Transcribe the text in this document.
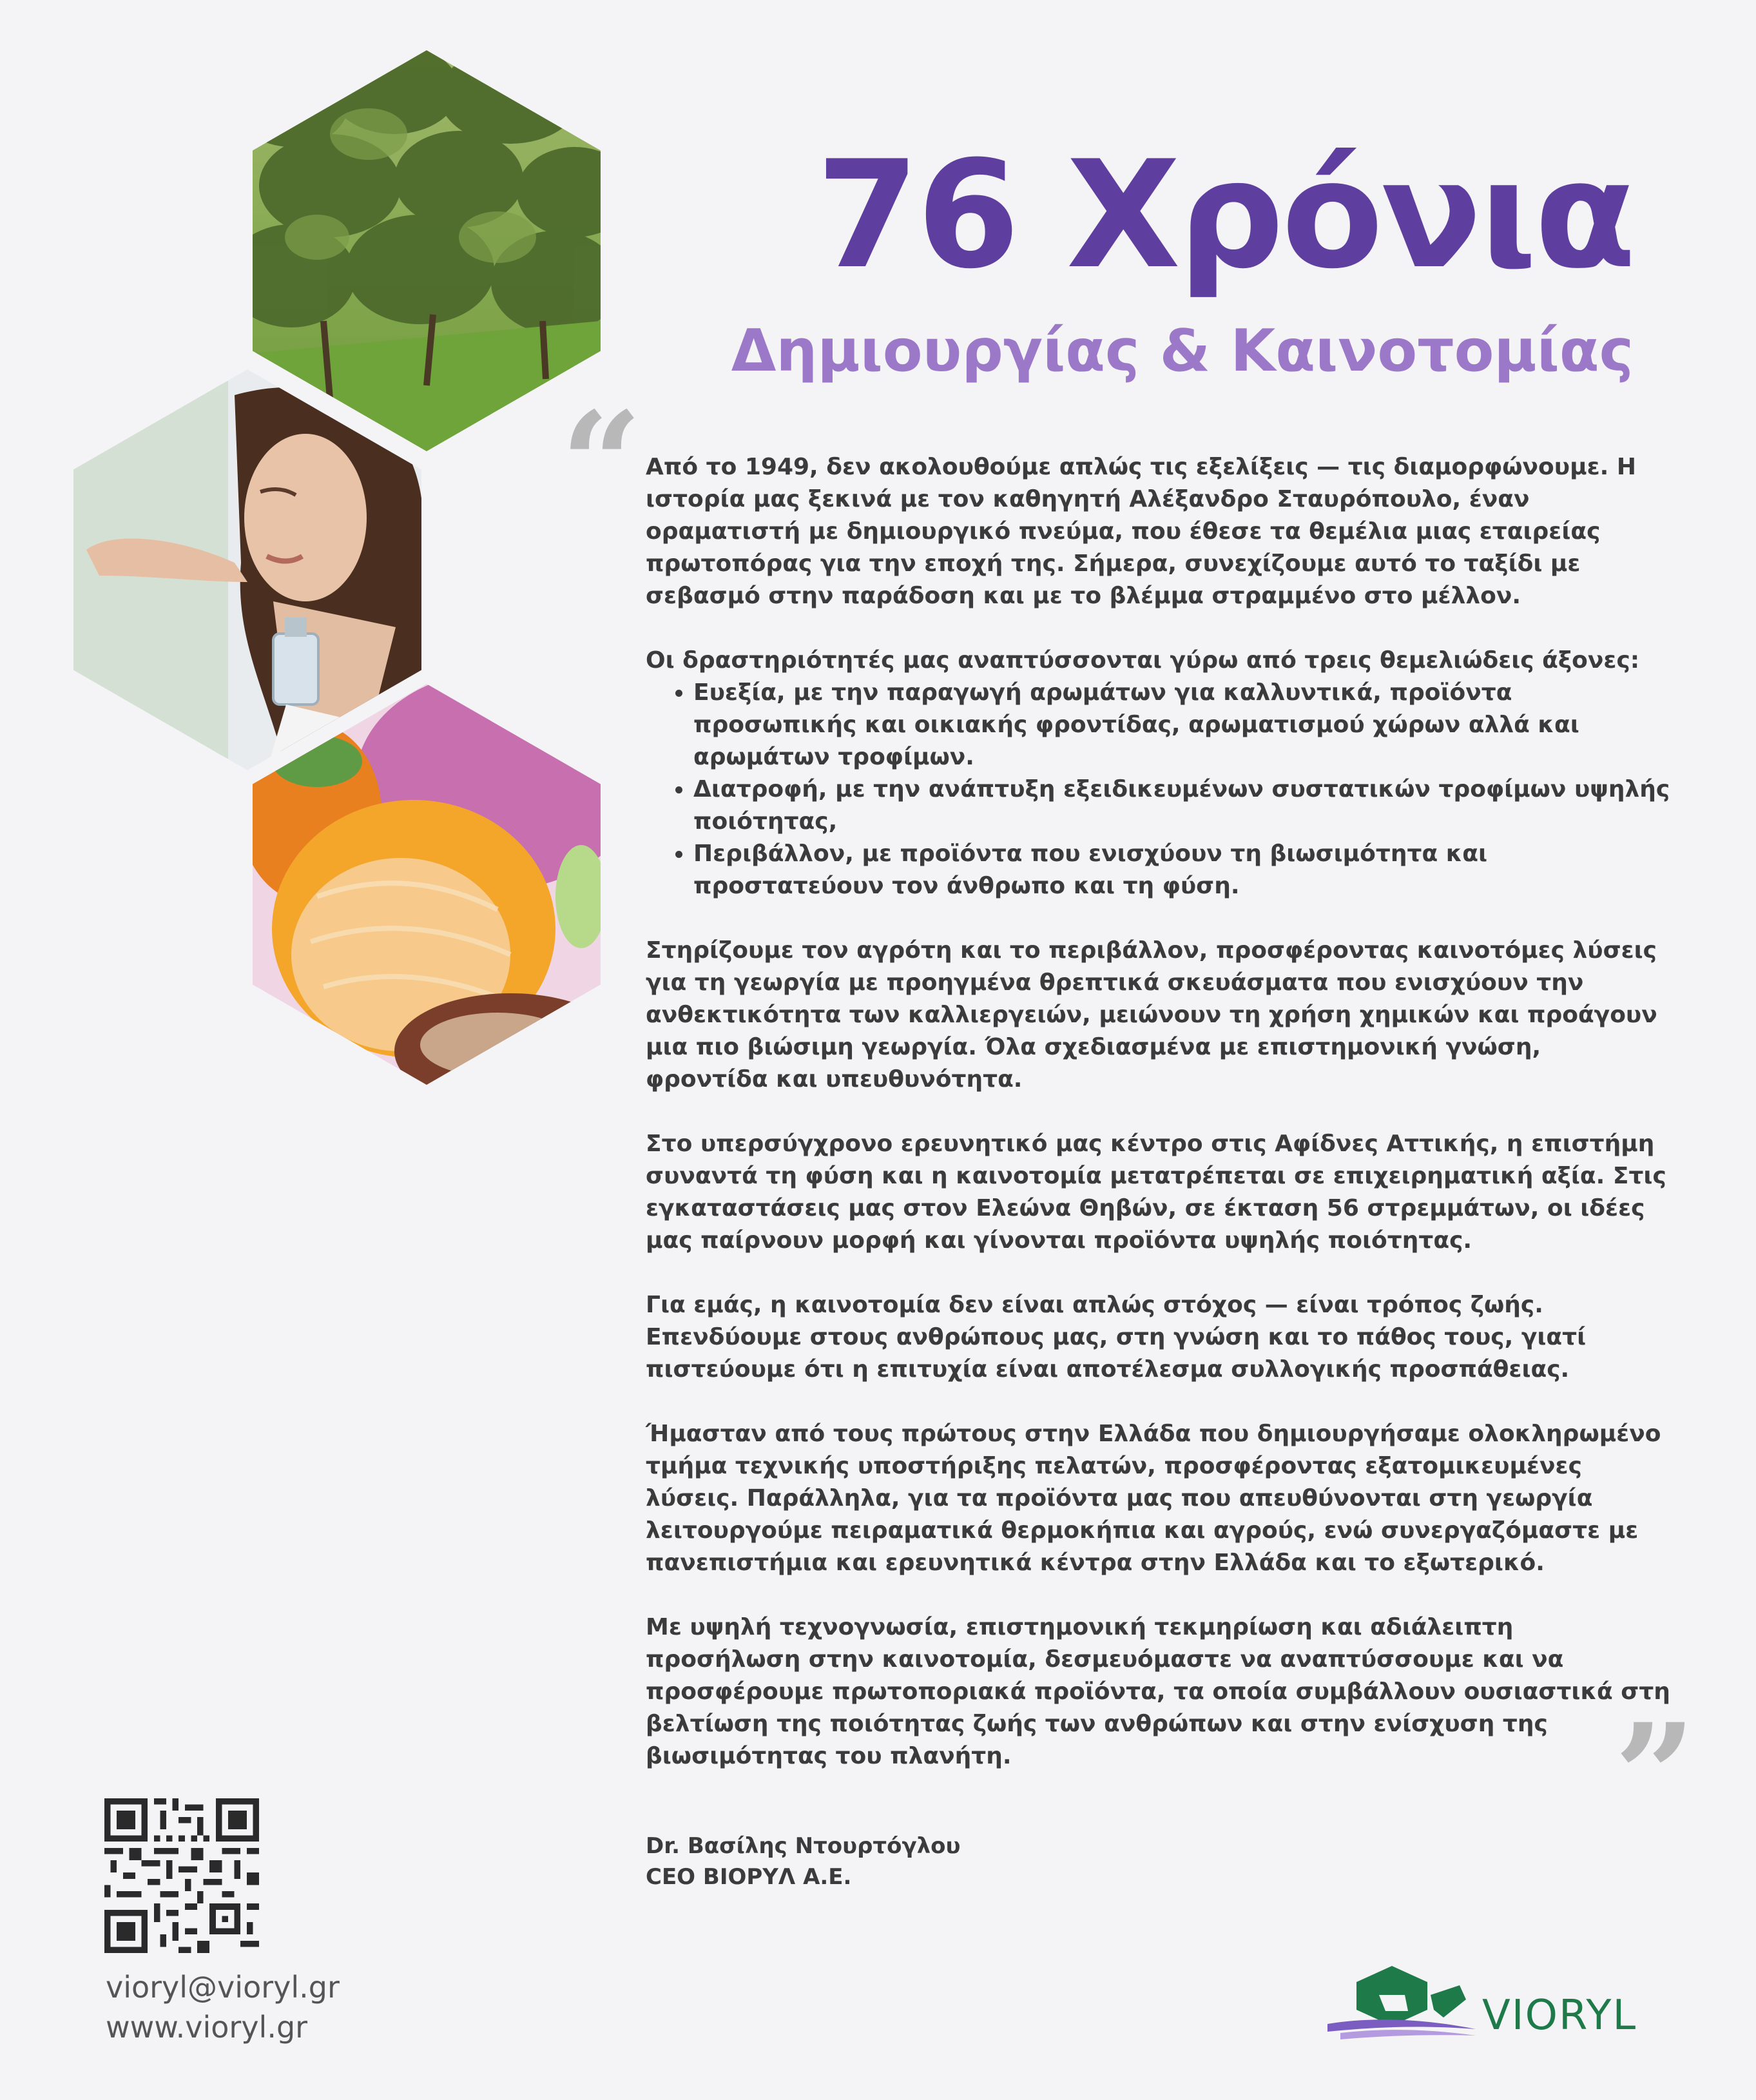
76 Χρόνια
Δημιουργίας & Καινοτομίας
“
”

Από το 1949, δεν ακολουθούμε απλώς τις εξελίξεις — τις διαμορφώνουμε. Η ιστορία μας ξεκινά με τον καθηγητή Αλέξανδρο Σταυρόπουλο, έναν οραματιστή με δημιουργικό πνεύμα, που έθεσε τα θεμέλια μιας εταιρείας πρωτοπόρας για την εποχή της. Σήμερα, συνεχίζουμε αυτό το ταξίδι με σεβασμό στην παράδοση και με το βλέμμα στραμμένο στο μέλλον.

Οι δραστηριότητές μας αναπτύσσονται γύρω από τρεις θεμελιώδεις άξονες:
• Ευεξία, με την παραγωγή αρωμάτων για καλλυντικά, προϊόντα προσωπικής και οικιακής φροντίδας, αρωματισμού χώρων αλλά και αρωμάτων τροφίμων.
• Διατροφή, με την ανάπτυξη εξειδικευμένων συστατικών τροφίμων υψηλής ποιότητας,
• Περιβάλλον, με προϊόντα που ενισχύουν τη βιωσιμότητα και προστατεύουν τον άνθρωπο και τη φύση.

Στηρίζουμε τον αγρότη και το περιβάλλον, προσφέροντας καινοτόμες λύσεις για τη γεωργία με προηγμένα θρεπτικά σκευάσματα που ενισχύουν την ανθεκτικότητα των καλλιεργειών, μειώνουν τη χρήση χημικών και προάγουν μια πιο βιώσιμη γεωργία. Όλα σχεδιασμένα με επιστημονική γνώση, φροντίδα και υπευθυνότητα.

Στο υπερσύγχρονο ερευνητικό μας κέντρο στις Αφίδνες Αττικής, η επιστήμη συναντά τη φύση και η καινοτομία μετατρέπεται σε επιχειρηματική αξία. Στις εγκαταστάσεις μας στον Ελεώνα Θηβών, σε έκταση 56 στρεμμάτων, οι ιδέες μας παίρνουν μορφή και γίνονται προϊόντα υψηλής ποιότητας.

Για εμάς, η καινοτομία δεν είναι απλώς στόχος — είναι τρόπος ζωής. Επενδύουμε στους ανθρώπους μας, στη γνώση και το πάθος τους, γιατί πιστεύουμε ότι η επιτυχία είναι αποτέλεσμα συλλογικής προσπάθειας.

Ήμασταν από τους πρώτους στην Ελλάδα που δημιουργήσαμε ολοκληρωμένο τμήμα τεχνικής υποστήριξης πελατών, προσφέροντας εξατομικευμένες λύσεις. Παράλληλα, για τα προϊόντα μας που απευθύνονται στη γεωργία λειτουργούμε πειραματικά θερμοκήπια και αγρούς, ενώ συνεργαζόμαστε με πανεπιστήμια και ερευνητικά κέντρα στην Ελλάδα και το εξωτερικό.

Με υψηλή τεχνογνωσία, επιστημονική τεκμηρίωση και αδιάλειπτη προσήλωση στην καινοτομία, δεσμευόμαστε να αναπτύσσουμε και να προσφέρουμε πρωτοποριακά προϊόντα, τα οποία συμβάλλουν ουσιαστικά στη βελτίωση της ποιότητας ζωής των ανθρώπων και στην ενίσχυση της βιωσιμότητας του πλανήτη.

Dr. Βασίλης Ντουρτόγλου
CEO ΒΙΟΡΥΛ Α.Ε.
vioryl@vioryl.gr
www.vioryl.gr	VIORYL
